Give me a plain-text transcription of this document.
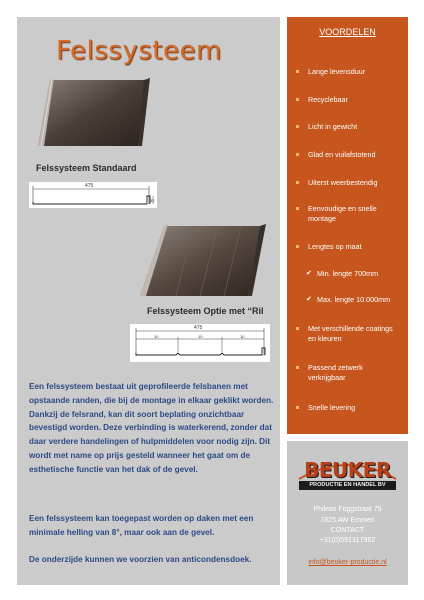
Felssysteem
Felssysteem Standaard
475
32
Felssysteem Optie met “Ril
475
10	10	10
Een felssysteem bestaat uit geprofileerde felsbanen met opstaande randen, die bij de montage in elkaar geklikt worden. Dankzij de felsrand, kan dit soort beplating onzichtbaar bevestigd worden. Deze verbinding is waterkerend, zonder dat daar verdere handelingen of hulpmiddelen voor nodig zijn. Dit wordt met name op prijs gesteld wanneer het gaat om de esthetische functie van het dak of de gevel.
Een felssysteem kan toegepast worden op daken met een minimale helling van 8°, maar ook aan de gevel.
De onderzijde kunnen we voorzien van anticondensdoek.
VOORDELEN
Lange levensduur
Recyclebaar
Licht in gewicht
Glad en vuilafstotend
Uiterst weerbestendig
Eenvoudige en snelle montage
Lengtes op maat
✔ Min. lengte 700mm
✔ Max. lengte 10.000mm
Met verschillende coatings en kleuren
Passend zetwerk verkrijgbaar
Snelle levering
BEUKER
PRODUCTIE EN HANDEL BV
Phileas Foggstraat 75
7825 AW Emmen
CONTACT
+31(0)591317962
info@beuker-productie.nl
